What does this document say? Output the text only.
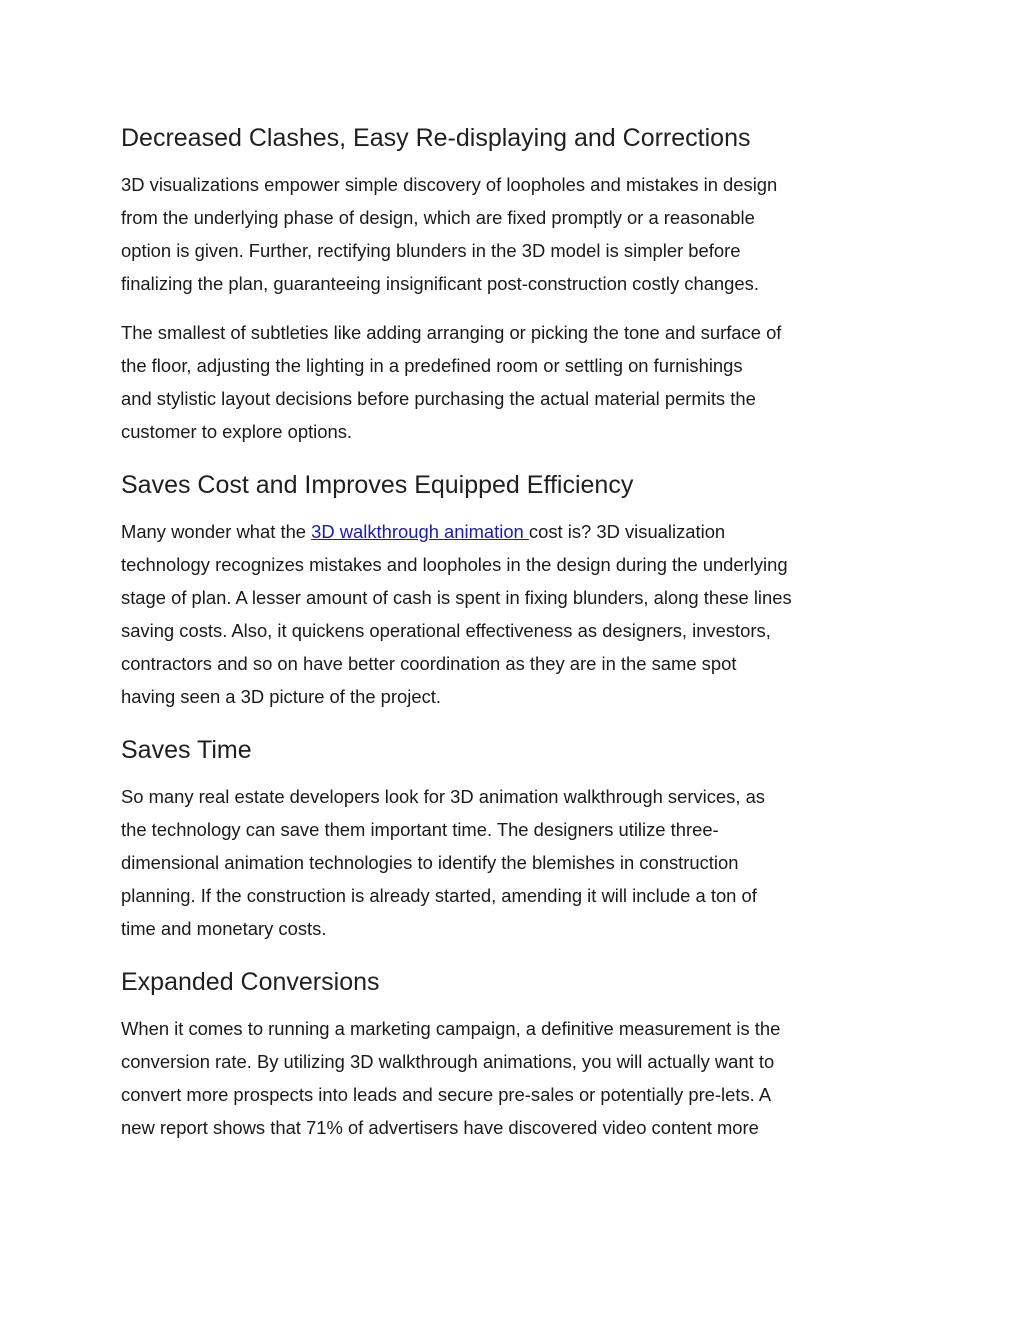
Decreased Clashes, Easy Re-displaying and Corrections

3D visualizations empower simple discovery of loopholes and mistakes in design
from the underlying phase of design, which are fixed promptly or a reasonable
option is given. Further, rectifying blunders in the 3D model is simpler before
finalizing the plan, guaranteeing insignificant post-construction costly changes.

The smallest of subtleties like adding arranging or picking the tone and surface of
the floor, adjusting the lighting in a predefined room or settling on furnishings
and stylistic layout decisions before purchasing the actual material permits the
customer to explore options.

Saves Cost and Improves Equipped Efficiency

Many wonder what the 3D walkthrough animation cost is? 3D visualization
technology recognizes mistakes and loopholes in the design during the underlying
stage of plan. A lesser amount of cash is spent in fixing blunders, along these lines
saving costs. Also, it quickens operational effectiveness as designers, investors,
contractors and so on have better coordination as they are in the same spot
having seen a 3D picture of the project.

Saves Time

So many real estate developers look for 3D animation walkthrough services, as
the technology can save them important time. The designers utilize three-
dimensional animation technologies to identify the blemishes in construction
planning. If the construction is already started, amending it will include a ton of
time and monetary costs.

Expanded Conversions

When it comes to running a marketing campaign, a definitive measurement is the
conversion rate. By utilizing 3D walkthrough animations, you will actually want to
convert more prospects into leads and secure pre-sales or potentially pre-lets. A
new report shows that 71% of advertisers have discovered video content more
